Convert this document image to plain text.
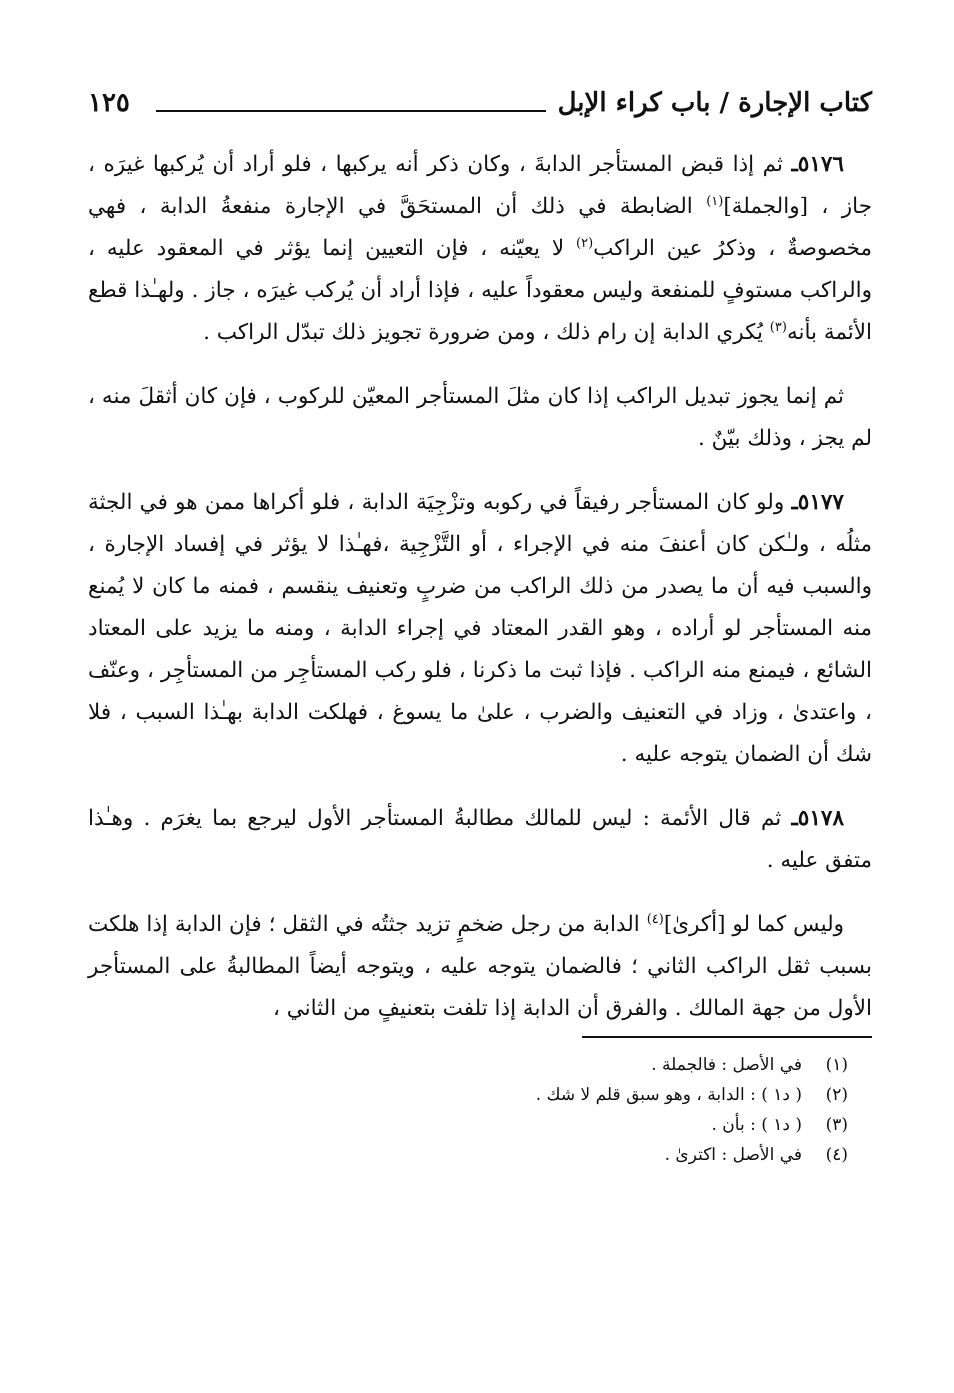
كتاب الإجارة / باب كراء الإبل
١٢٥

٥١٧٦ـ ثم إذا قبض المستأجر الدابةَ ، وكان ذكر أنه يركبها ، فلو أراد أن يُركبها غيرَه ، جاز ، [والجملة]$^{(١)}$ الضابطة في ذلك أن المستحَقَّ في الإجارة منفعةُ الدابة ، فهي مخصوصةٌ ، وذكرُ عين الراكب$^{(٢)}$ لا يعيّنه ، فإن التعيين إنما يؤثر في المعقود عليه ، والراكب مستوفٍ للمنفعة وليس معقوداً عليه ، فإذا أراد أن يُركب غيرَه ، جاز . ولهـٰذا قطع الأئمة بأنه$^{(٣)}$ يُكري الدابة إن رام ذلك ، ومن ضرورة تجويز ذلك تبدّل الراكب .

ثم إنما يجوز تبديل الراكب إذا كان مثلَ المستأجر المعيّن للركوب ، فإن كان أثقلَ منه ، لم يجز ، وذلك بيّنٌ .

٥١٧٧ـ ولو كان المستأجر رفيقاً في ركوبه وتزْجِيَة الدابة ، فلو أكراها ممن هو في الجثة مثلُه ، ولـٰكن كان أعنفَ منه في الإجراء ، أو التَّزْجِية ،فهـٰذا لا يؤثر في إفساد الإجارة ، والسبب فيه أن ما يصدر من ذلك الراكب من ضربٍ وتعنيف ينقسم ، فمنه ما كان لا يُمنع منه المستأجر لو أراده ، وهو القدر المعتاد في إجراء الدابة ، ومنه ما يزيد على المعتاد الشائع ، فيمنع منه الراكب . فإذا ثبت ما ذكرنا ، فلو ركب المستأجِر من المستأجِر ، وعنّف ، واعتدىٰ ، وزاد في التعنيف والضرب ، علىٰ ما يسوغ ، فهلكت الدابة بهـٰذا السبب ، فلا شك أن الضمان يتوجه عليه .

٥١٧٨ـ ثم قال الأئمة : ليس للمالك مطالبةُ المستأجر الأول ليرجع بما يغرَم . وهـٰذا متفق عليه .

وليس كما لو [أكرىٰ]$^{(٤)}$ الدابة من رجل ضخمٍ تزيد جثتُه في الثقل ؛ فإن الدابة إذا هلكت بسبب ثقل الراكب الثاني ؛ فالضمان يتوجه عليه ، ويتوجه أيضاً المطالبةُ على المستأجر الأول من جهة المالك . والفرق أن الدابة إذا تلفت بتعنيفٍ من الثاني ،

(١)
في الأصل : فالجملة .
(٢)
( د١ ) : الدابة ، وهو سبق قلم لا شك .
(٣)
( د١ ) : بأن .
(٤)
في الأصل : اكترىٰ .
